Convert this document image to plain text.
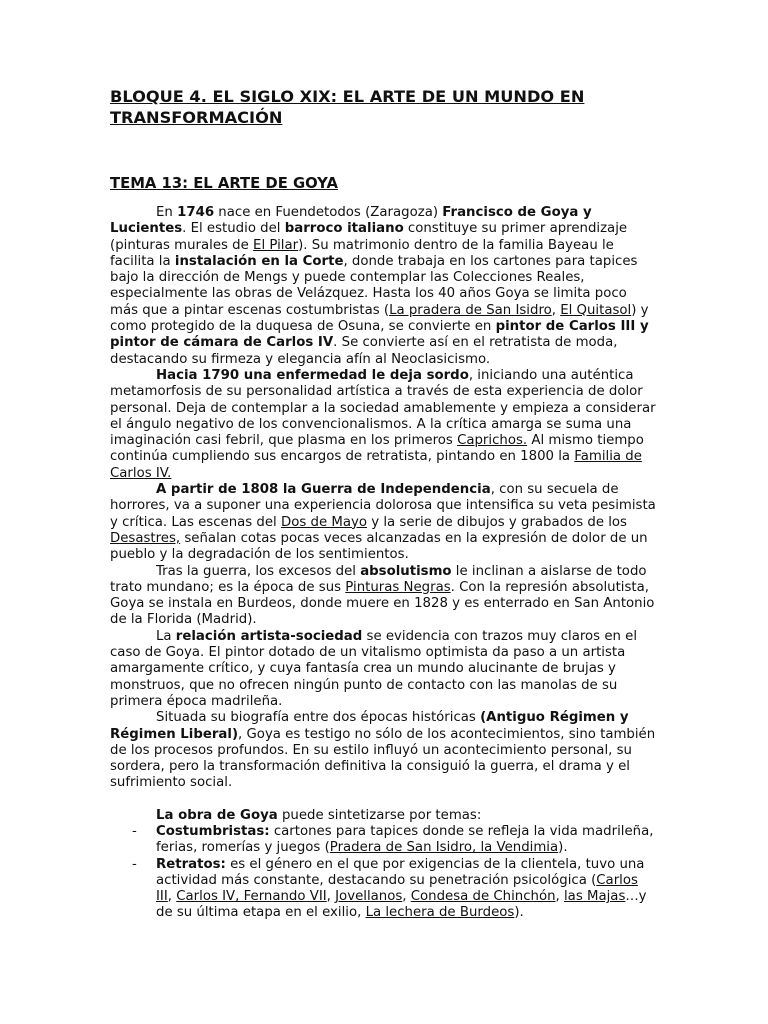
BLOQUE 4. EL SIGLO XIX: EL ARTE DE UN MUNDO EN TRANSFORMACIÓN
TEMA 13: EL ARTE DE GOYA

En 1746 nace en Fuendetodos (Zaragoza) Francisco de Goya y Lucientes. El estudio del barroco italiano constituye su primer aprendizaje (pinturas murales de El Pilar). Su matrimonio dentro de la familia Bayeau le facilita la instalación en la Corte, donde trabaja en los cartones para tapices bajo la dirección de Mengs y puede contemplar las Colecciones Reales, especialmente las obras de Velázquez. Hasta los 40 años Goya se limita poco más que a pintar escenas costumbristas (La pradera de San Isidro, El Quitasol) y como protegido de la duquesa de Osuna, se convierte en pintor de Carlos III y pintor de cámara de Carlos IV. Se convierte así en el retratista de moda, destacando su firmeza y elegancia afín al Neoclasicismo.

Hacia 1790 una enfermedad le deja sordo, iniciando una auténtica metamorfosis de su personalidad artística a través de esta experiencia de dolor personal. Deja de contemplar a la sociedad amablemente y empieza a considerar el ángulo negativo de los convencionalismos. A la crítica amarga se suma una imaginación casi febril, que plasma en los primeros Caprichos. Al mismo tiempo continúa cumpliendo sus encargos de retratista, pintando en 1800 la Familia de Carlos IV.

A partir de 1808 la Guerra de Independencia, con su secuela de horrores, va a suponer una experiencia dolorosa que intensifica su veta pesimista y crítica. Las escenas del Dos de Mayo y la serie de dibujos y grabados de los Desastres, señalan cotas pocas veces alcanzadas en la expresión de dolor de un pueblo y la degradación de los sentimientos.

Tras la guerra, los excesos del absolutismo le inclinan a aislarse de todo trato mundano; es la época de sus Pinturas Negras. Con la represión absolutista, Goya se instala en Burdeos, donde muere en 1828 y es enterrado en San Antonio de la Florida (Madrid).

La relación artista-sociedad se evidencia con trazos muy claros en el caso de Goya. El pintor dotado de un vitalismo optimista da paso a un artista amargamente crítico, y cuya fantasía crea un mundo alucinante de brujas y monstruos, que no ofrecen ningún punto de contacto con las manolas de su primera época madrileña.

Situada su biografía entre dos épocas históricas (Antiguo Régimen y Régimen Liberal), Goya es testigo no sólo de los acontecimientos, sino también de los procesos profundos. En su estilo influyó un acontecimiento personal, su sordera, pero la transformación definitiva la consiguió la guerra, el drama y el sufrimiento social.

La obra de Goya puede sintetizarse por temas:

- Costumbristas: cartones para tapices donde se refleja la vida madrileña, ferias, romerías y juegos (Pradera de San Isidro, la Vendimia).
- Retratos: es el género en el que por exigencias de la clientela, tuvo una actividad más constante, destacando su penetración psicológica (Carlos III, Carlos IV, Fernando VII, Jovellanos, Condesa de Chinchón, las Majas…y de su última etapa en el exilio, La lechera de Burdeos).
